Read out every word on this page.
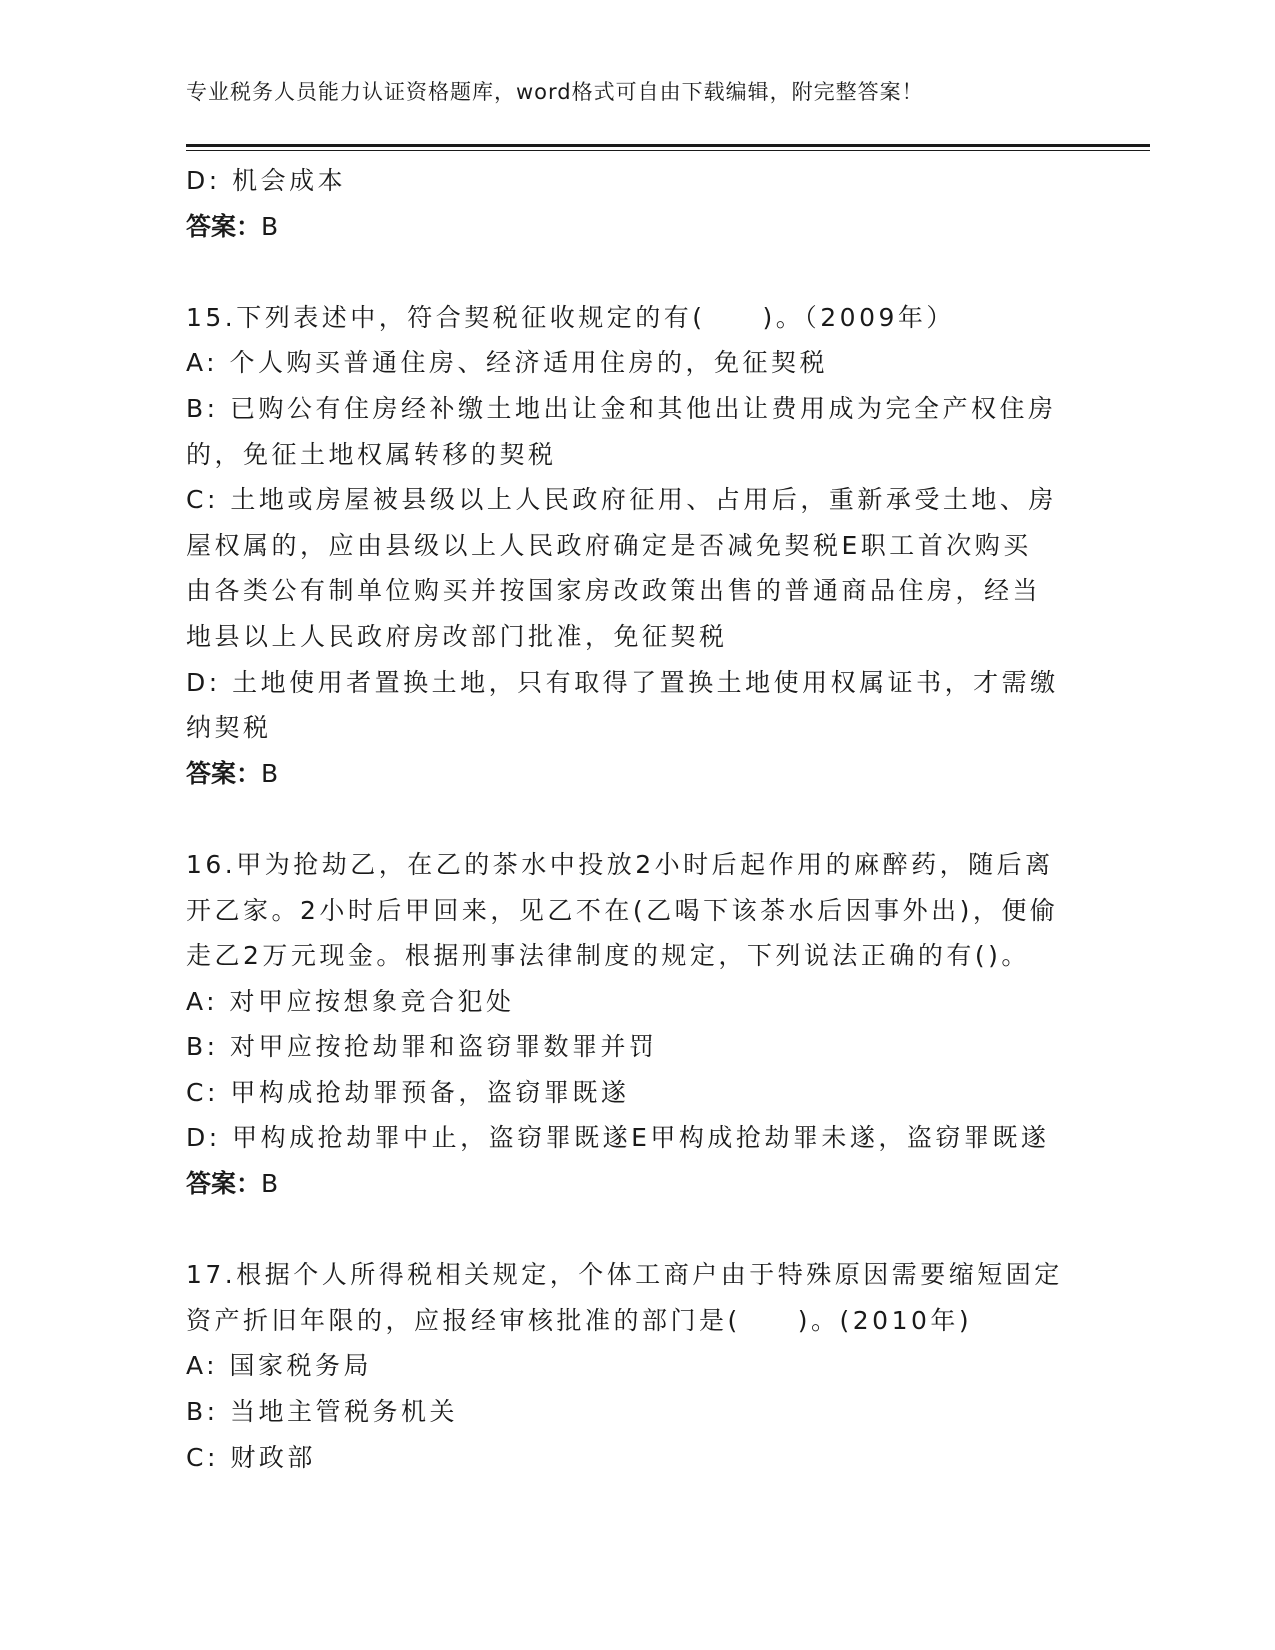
专业税务人员能力认证资格题库，word格式可自由下载编辑，附完整答案！
D: 机会成本
答案：B
15.下列表述中，符合契税征收规定的有(　　)。（2009年）
A: 个人购买普通住房、经济适用住房的，免征契税
B: 已购公有住房经补缴土地出让金和其他出让费用成为完全产权住房
的，免征土地权属转移的契税
C: 土地或房屋被县级以上人民政府征用、占用后，重新承受土地、房
屋权属的，应由县级以上人民政府确定是否减免契税E职工首次购买
由各类公有制单位购买并按国家房改政策出售的普通商品住房，经当
地县以上人民政府房改部门批准，免征契税
D: 土地使用者置换土地，只有取得了置换土地使用权属证书，才需缴
纳契税
答案：B
16.甲为抢劫乙，在乙的茶水中投放2小时后起作用的麻醉药，随后离
开乙家。2小时后甲回来，见乙不在(乙喝下该茶水后因事外出)，便偷
走乙2万元现金。根据刑事法律制度的规定，下列说法正确的有()。
A: 对甲应按想象竞合犯处
B: 对甲应按抢劫罪和盗窃罪数罪并罚
C: 甲构成抢劫罪预备，盗窃罪既遂
D: 甲构成抢劫罪中止，盗窃罪既遂E甲构成抢劫罪未遂，盗窃罪既遂
答案：B
17.根据个人所得税相关规定，个体工商户由于特殊原因需要缩短固定
资产折旧年限的，应报经审核批准的部门是(　　)。(2010年)
A: 国家税务局
B: 当地主管税务机关
C: 财政部
